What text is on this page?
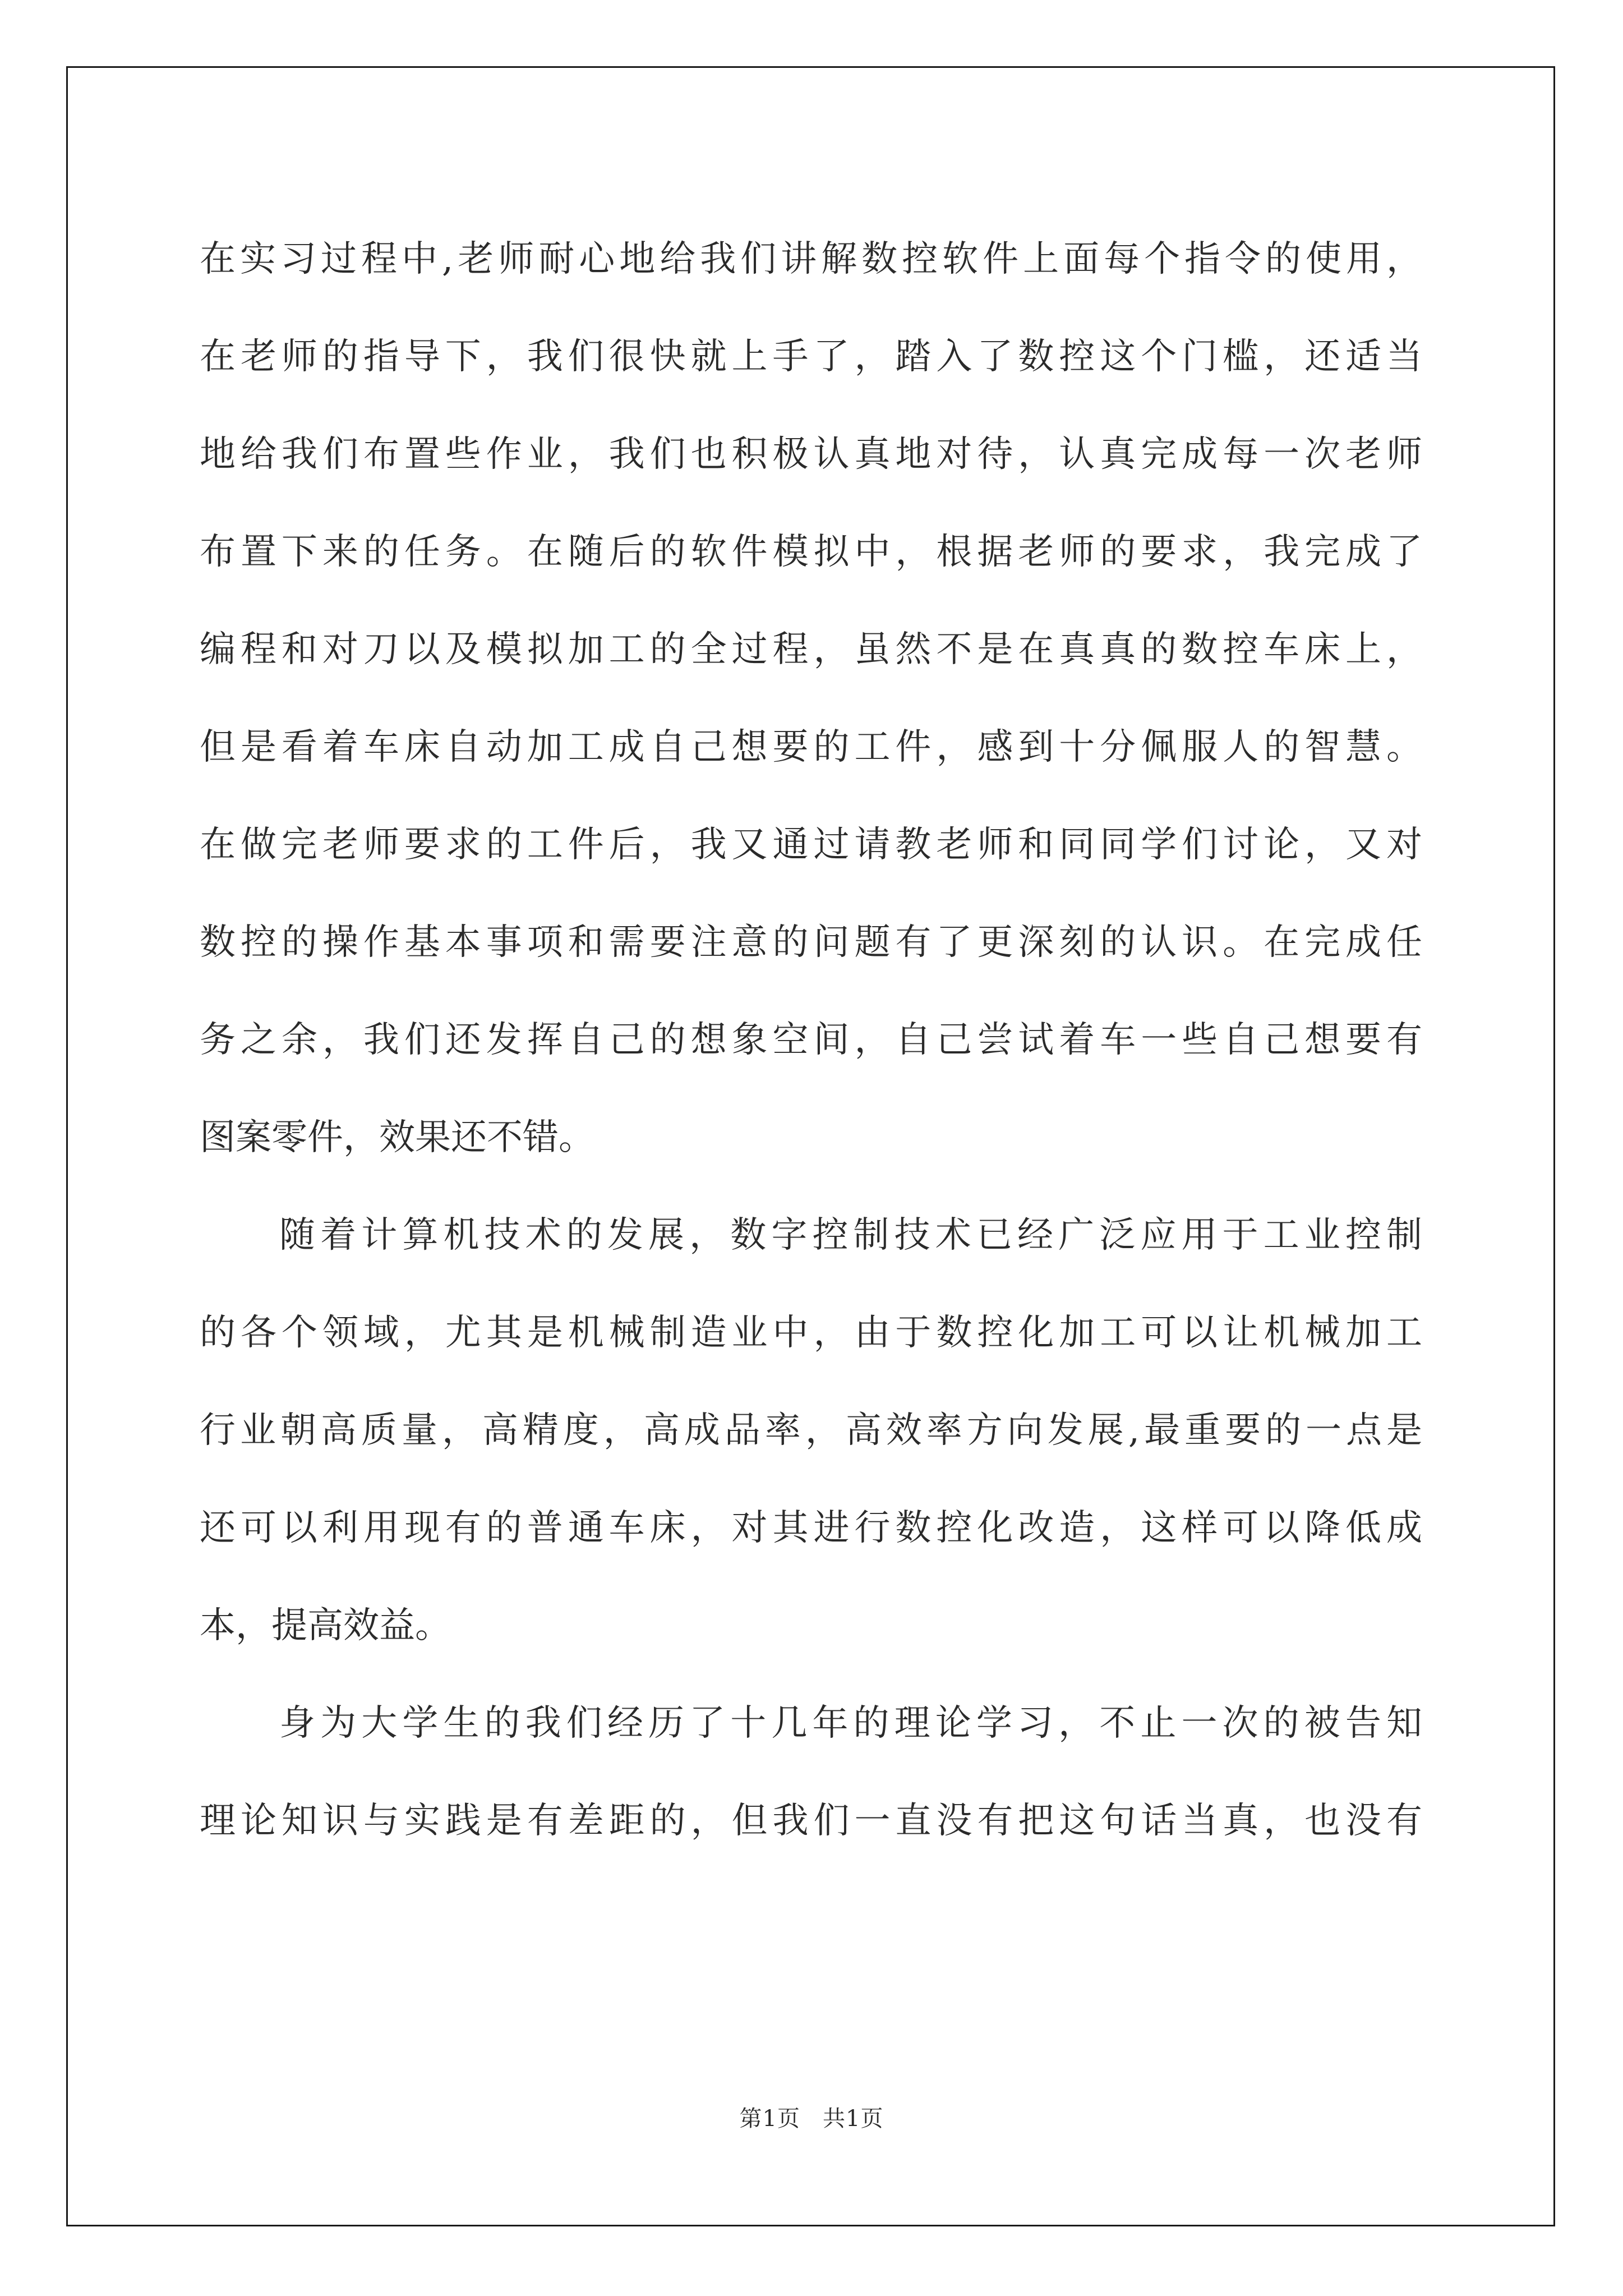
在实习过程中,老师耐心地给我们讲解数控软件上面每个指令的使用，
在老师的指导下，我们很快就上手了，踏入了数控这个门槛，还适当
地给我们布置些作业，我们也积极认真地对待，认真完成每一次老师
布置下来的任务。在随后的软件模拟中，根据老师的要求，我完成了
编程和对刀以及模拟加工的全过程，虽然不是在真真的数控车床上，
但是看着车床自动加工成自己想要的工件，感到十分佩服人的智慧。
在做完老师要求的工件后，我又通过请教老师和同同学们讨论，又对
数控的操作基本事项和需要注意的问题有了更深刻的认识。在完成任
务之余，我们还发挥自己的想象空间，自己尝试着车一些自己想要有
图案零件，效果还不错。
随着计算机技术的发展，数字控制技术已经广泛应用于工业控制
的各个领域，尤其是机械制造业中，由于数控化加工可以让机械加工
行业朝高质量，高精度，高成品率，高效率方向发展,最重要的一点是
还可以利用现有的普通车床，对其进行数控化改造，这样可以降低成
本，提高效益。
身为大学生的我们经历了十几年的理论学习，不止一次的被告知
理论知识与实践是有差距的，但我们一直没有把这句话当真，也没有
第1页 共1页
